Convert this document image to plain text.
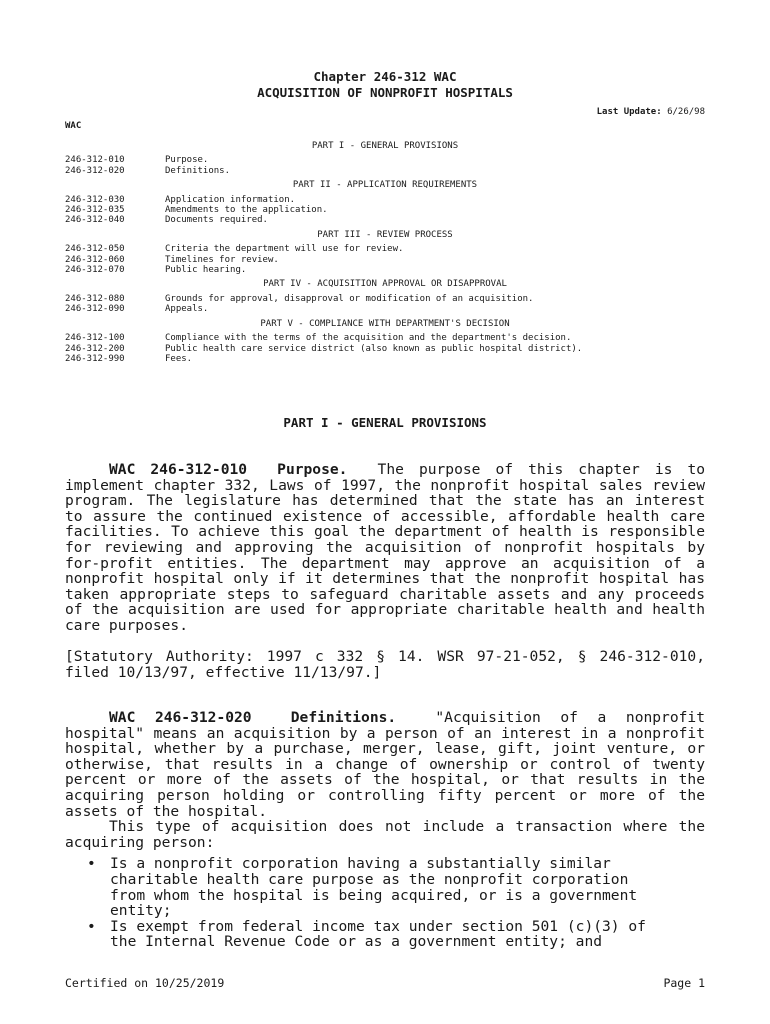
Chapter 246-312 WAC
ACQUISITION OF NONPROFIT HOSPITALS
Last Update: 6/26/98
WAC
PART I - GENERAL PROVISIONS
246-312-010	Purpose.
246-312-020	Definitions.
PART II - APPLICATION REQUIREMENTS
246-312-030	Application information.
246-312-035	Amendments to the application.
246-312-040	Documents required.
PART III - REVIEW PROCESS
246-312-050	Criteria the department will use for review.
246-312-060	Timelines for review.
246-312-070	Public hearing.
PART IV - ACQUISITION APPROVAL OR DISAPPROVAL
246-312-080	Grounds for approval, disapproval or modification of an acquisition.
246-312-090	Appeals.
PART V - COMPLIANCE WITH DEPARTMENT'S DECISION
246-312-100	Compliance with the terms of the acquisition and the department's decision.
246-312-200	Public health care service district (also known as public hospital district).
246-312-990	Fees.
PART I - GENERAL PROVISIONS

WAC 246-312-010 Purpose. The purpose of this chapter is to implement chapter 332, Laws of 1997, the nonprofit hospital sales review program. The legislature has determined that the state has an interest to assure the continued existence of accessible, affordable health care facilities. To achieve this goal the department of health is responsible for reviewing and approving the acquisition of nonprofit hospitals by for-profit entities. The department may approve an acquisition of a nonprofit hospital only if it determines that the nonprofit hospital has taken appropriate steps to safeguard charitable assets and any proceeds of the acquisition are used for appropriate charitable health and health care purposes.

[Statutory Authority: 1997 c 332 § 14. WSR 97-21-052, § 246-312-010, filed 10/13/97, effective 11/13/97.]

WAC 246-312-020	Definitions.	"Acquisition of a nonprofit hospital" means an acquisition by a person of an interest in a nonprofit hospital, whether by a purchase, merger, lease, gift, joint venture, or otherwise, that results in a change of ownership or control of twenty percent or more of the assets of the hospital, or that results in the acquiring person holding or controlling fifty percent or more of the assets of the hospital.

This type of acquisition does not include a transaction where the acquiring person:

• Is a nonprofit corporation having a substantially similar charitable health care purpose as the nonprofit corporation from whom the hospital is being acquired, or is a government entity;
• Is exempt from federal income tax under section 501 (c)(3) of the Internal Revenue Code or as a government entity; and
Certified on 10/25/2019	Page 1
